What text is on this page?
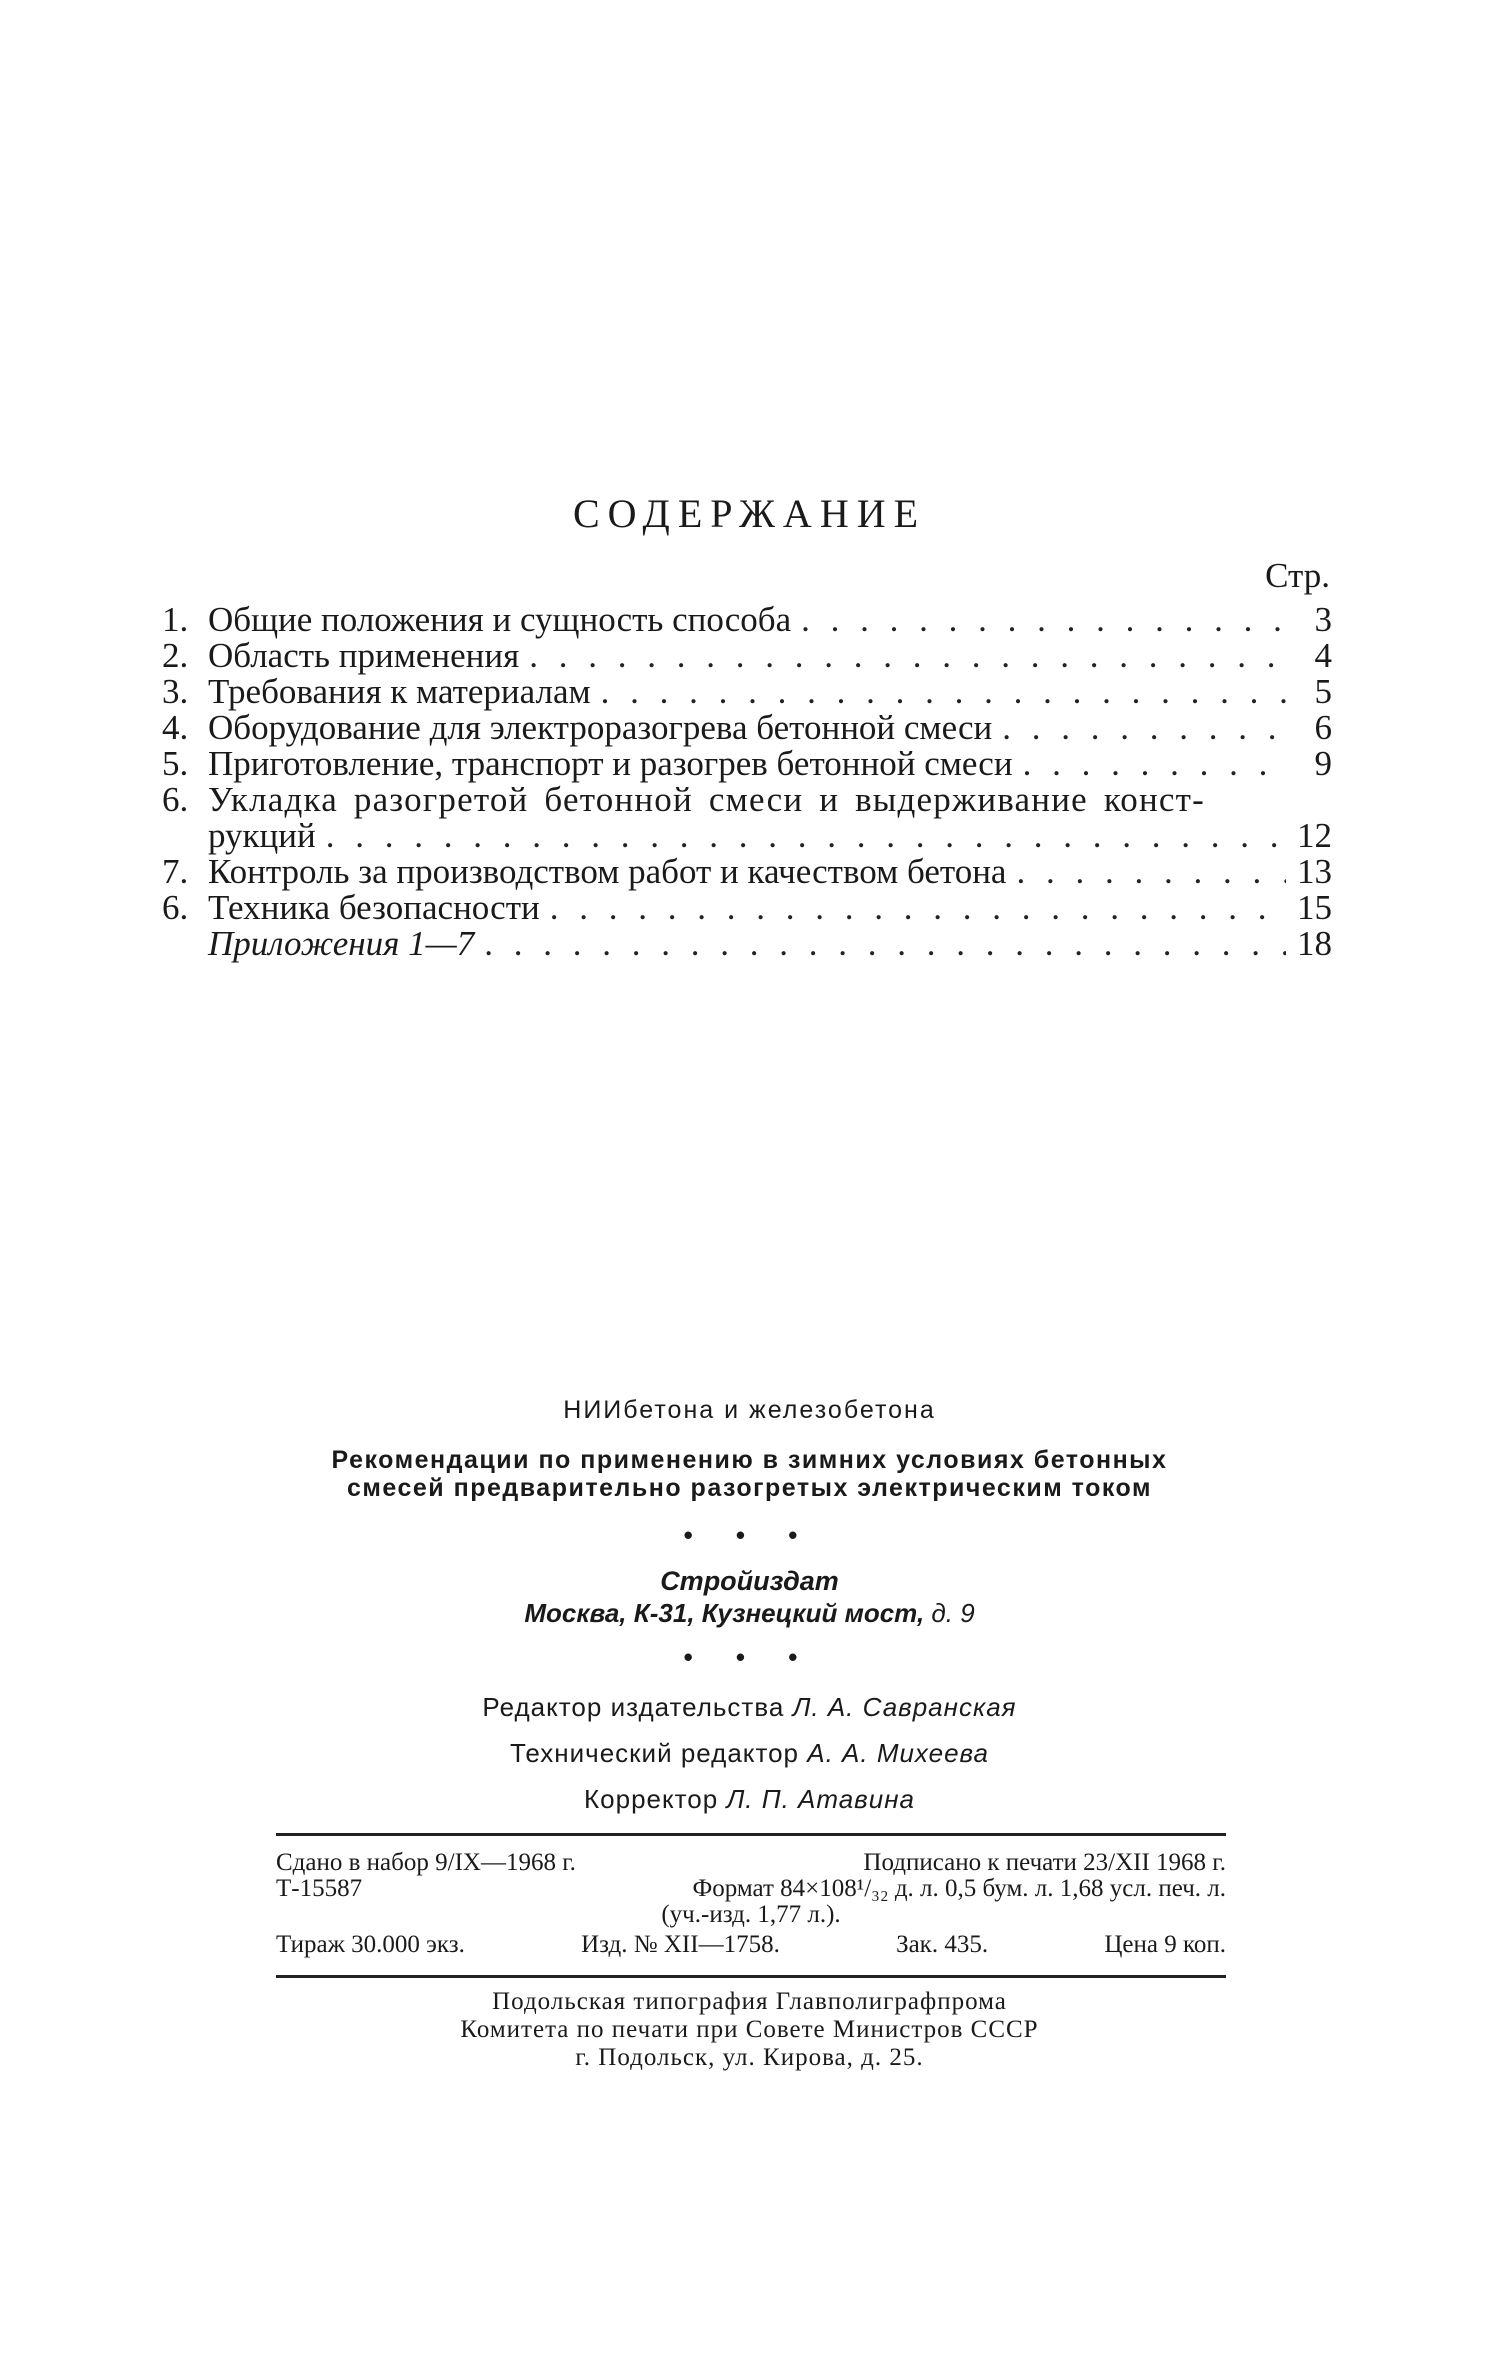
СОДЕРЖАНИЕ
Стр.
1. Общие положения и сущность способа . . .	3
2. Область применения . . .	4
3. Требования к материалам . . .	5
4. Оборудование для электроразогрева бетонной смеси . . .	6
5. Приготовление, транспорт и разогрев бетонной смеси . . .	9
6. Укладка разогретой бетонной смеси и выдерживание конст-
рукций . . .	12
7. Контроль за производством работ и качеством бетона . . .	13
6. Техника безопасности . . .	15
Приложения 1—7 . . .	18
НИИбетона и железобетона
Рекомендации по применению в зимних условиях бетонных
смесей предварительно разогретых электрическим током
• • •
Стройиздат
Москва, К-31, Кузнецкий мост, д. 9
• • •
Редактор издательства Л. А. Савранская
Технический редактор А. А. Михеева
Корректор Л. П. Атавина
Сдано в набор 9/IX—1968 г.	Подписано к печати 23/XII 1968 г.
Т-15587	Формат 84×108¹/₃₂ д. л. 0,5 бум. л. 1,68 усл. печ. л.
(уч.-изд. 1,77 л.).
Тираж 30.000 экз.	Изд. № XII—1758.	Зак. 435.	Цена 9 коп.
Подольская типография Главполиграфпрома
Комитета по печати при Совете Министров СССР
г. Подольск, ул. Кирова, д. 25.
